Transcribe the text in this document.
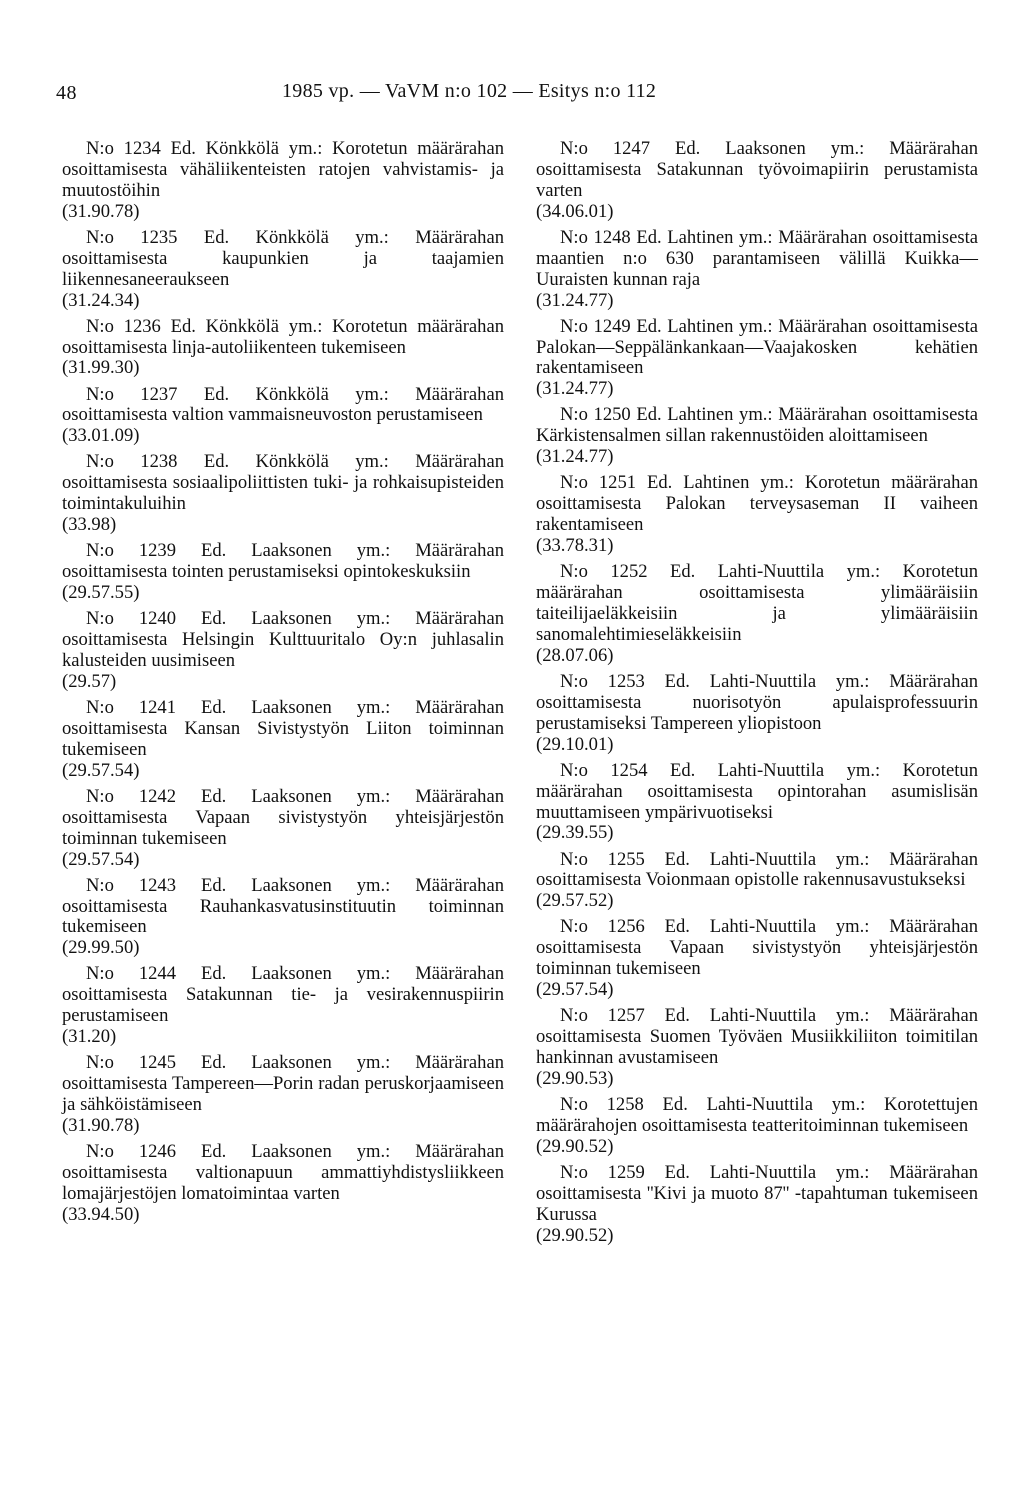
48	1985 vp. — VaVM n:o 102 — Esitys n:o 112
N:o 1234 Ed. Könkkölä ym.: Korotetun määrärahan osoittamisesta vähäliikenteisten ratojen vahvistamis- ja muutostöihin
(31.90.78)
N:o 1235 Ed. Könkkölä ym.: Määrärahan osoittamisesta kaupunkien ja taajamien liikennesaneeraukseen
(31.24.34)
N:o 1236 Ed. Könkkölä ym.: Korotetun määrärahan osoittamisesta linja-autoliikenteen tukemiseen
(31.99.30)
N:o 1237 Ed. Könkkölä ym.: Määrärahan osoittamisesta valtion vammaisneuvoston perustamiseen
(33.01.09)
N:o 1238 Ed. Könkkölä ym.: Määrärahan osoittamisesta sosiaalipoliittisten tuki- ja rohkaisupisteiden toimintakuluihin
(33.98)
N:o 1239 Ed. Laaksonen ym.: Määrärahan osoittamisesta tointen perustamiseksi opintokeskuksiin
(29.57.55)
N:o 1240 Ed. Laaksonen ym.: Määrärahan osoittamisesta Helsingin Kulttuuritalo Oy:n juhlasalin kalusteiden uusimiseen
(29.57)
N:o 1241 Ed. Laaksonen ym.: Määrärahan osoittamisesta Kansan Sivistystyön Liiton toiminnan tukemiseen
(29.57.54)
N:o 1242 Ed. Laaksonen ym.: Määrärahan osoittamisesta Vapaan sivistystyön yhteisjärjestön toiminnan tukemiseen
(29.57.54)
N:o 1243 Ed. Laaksonen ym.: Määrärahan osoittamisesta Rauhankasvatusinstituutin toiminnan tukemiseen
(29.99.50)
N:o 1244 Ed. Laaksonen ym.: Määrärahan osoittamisesta Satakunnan tie- ja vesirakennuspiirin perustamiseen
(31.20)
N:o 1245 Ed. Laaksonen ym.: Määrärahan osoittamisesta Tampereen—Porin radan peruskorjaamiseen ja sähköistämiseen
(31.90.78)
N:o 1246 Ed. Laaksonen ym.: Määrärahan osoittamisesta valtionapuun ammattiyhdistysliikkeen lomajärjestöjen lomatoimintaa varten
(33.94.50)
N:o 1247 Ed. Laaksonen ym.: Määrärahan osoittamisesta Satakunnan työvoimapiirin perustamista varten
(34.06.01)
N:o 1248 Ed. Lahtinen ym.: Määrärahan osoittamisesta maantien n:o 630 parantamiseen välillä Kuikka—Uuraisten kunnan raja
(31.24.77)
N:o 1249 Ed. Lahtinen ym.: Määrärahan osoittamisesta Palokan—Seppälänkankaan—Vaajakosken kehätien rakentamiseen
(31.24.77)
N:o 1250 Ed. Lahtinen ym.: Määrärahan osoittamisesta Kärkistensalmen sillan rakennustöiden aloittamiseen
(31.24.77)
N:o 1251 Ed. Lahtinen ym.: Korotetun määrärahan osoittamisesta Palokan terveysaseman II vaiheen rakentamiseen
(33.78.31)
N:o 1252 Ed. Lahti-Nuuttila ym.: Korotetun määrärahan osoittamisesta ylimääräisiin taiteilijaeläkkeisiin ja ylimääräisiin sanomalehtimieseläkkeisiin
(28.07.06)
N:o 1253 Ed. Lahti-Nuuttila ym.: Määrärahan osoittamisesta nuorisotyön apulaisprofessuurin perustamiseksi Tampereen yliopistoon
(29.10.01)
N:o 1254 Ed. Lahti-Nuuttila ym.: Korotetun määrärahan osoittamisesta opintorahan asumislisän muuttamiseen ympärivuotiseksi
(29.39.55)
N:o 1255 Ed. Lahti-Nuuttila ym.: Määrärahan osoittamisesta Voionmaan opistolle rakennusavustukseksi
(29.57.52)
N:o 1256 Ed. Lahti-Nuuttila ym.: Määrärahan osoittamisesta Vapaan sivistystyön yhteisjärjestön toiminnan tukemiseen
(29.57.54)
N:o 1257 Ed. Lahti-Nuuttila ym.: Määrärahan osoittamisesta Suomen Työväen Musiikkiliiton toimitilan hankinnan avustamiseen
(29.90.53)
N:o 1258 Ed. Lahti-Nuuttila ym.: Korotettujen määrärahojen osoittamisesta teatteritoiminnan tukemiseen
(29.90.52)
N:o 1259 Ed. Lahti-Nuuttila ym.: Määrärahan osoittamisesta ''Kivi ja muoto 87'' -tapahtuman tukemiseen Kurussa
(29.90.52)
